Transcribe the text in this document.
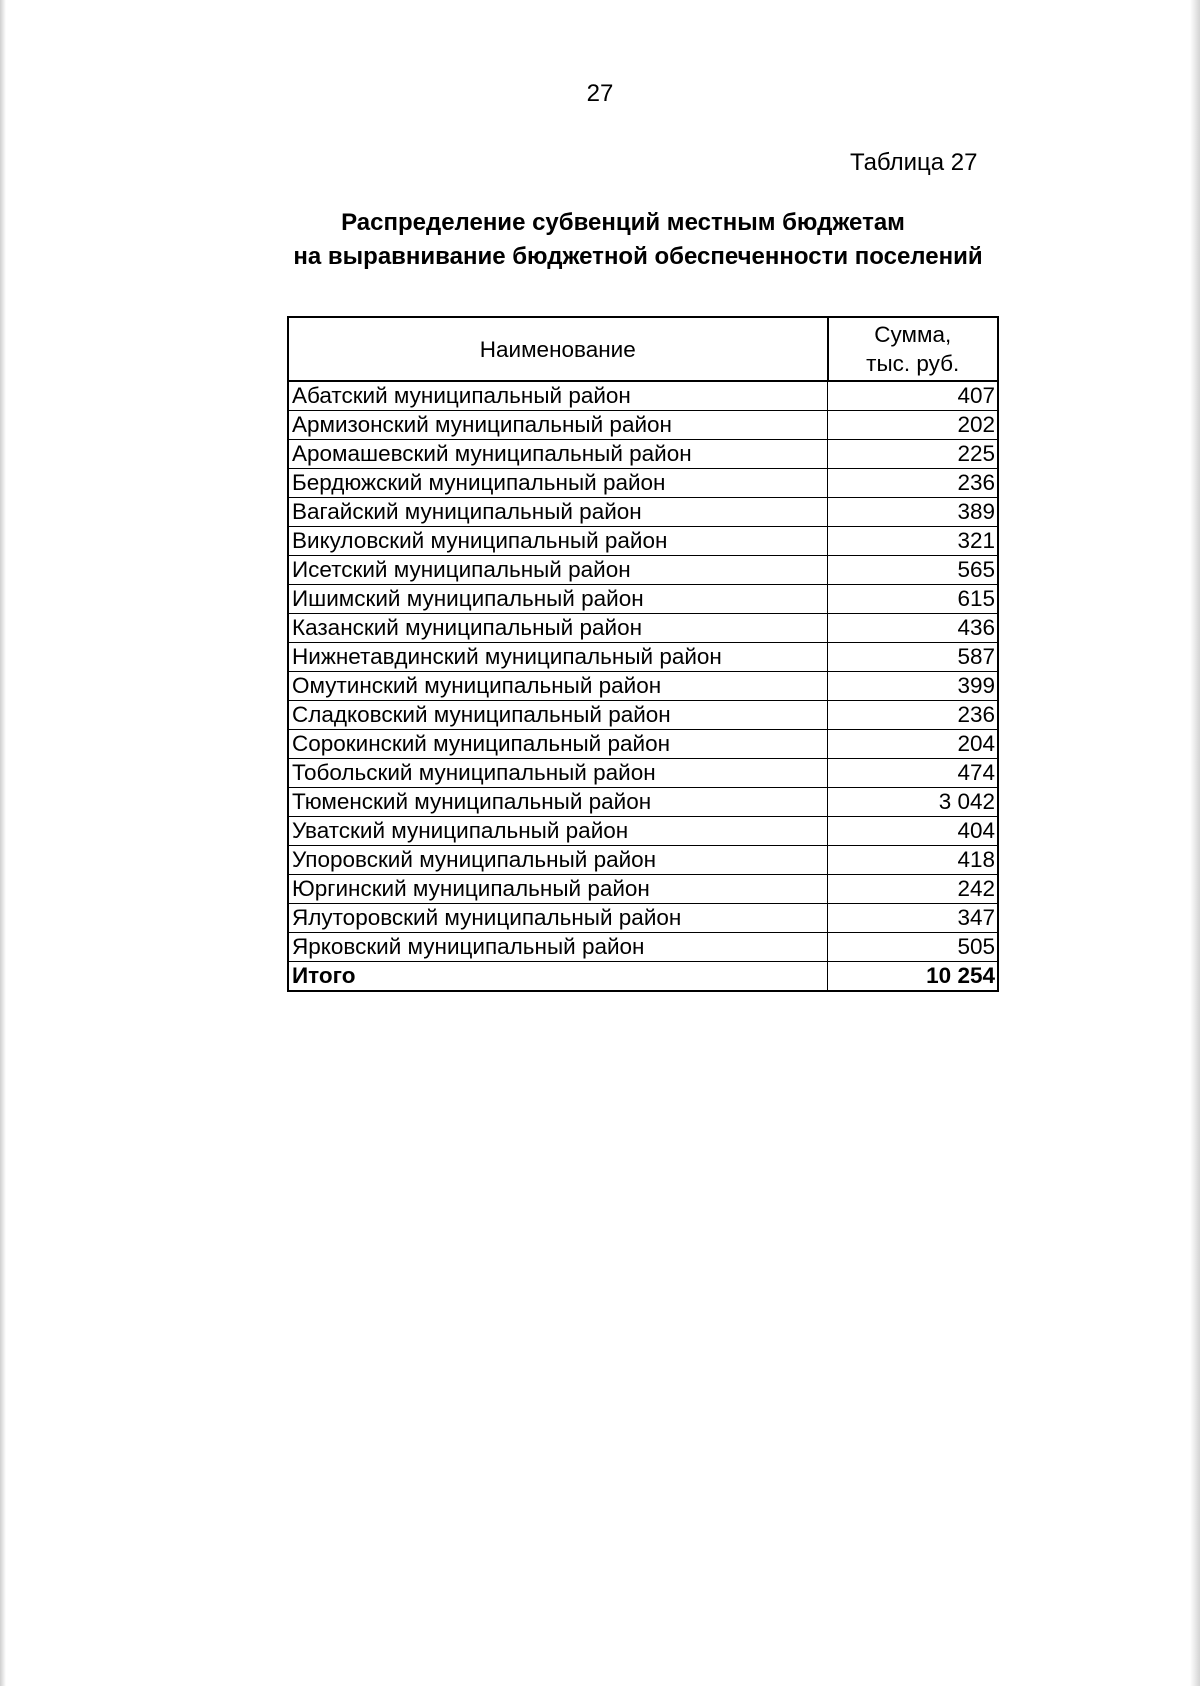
27
Таблица 27
Распределение субвенций местным бюджетам
на выравнивание бюджетной обеспеченности поселений
Наименование	Сумма,
тыс. руб.

Абатский муниципальный район	407
Армизонский муниципальный район	202
Аромашевский муниципальный район	225
Бердюжский муниципальный район	236
Вагайский муниципальный район	389
Викуловский муниципальный район	321
Исетский муниципальный район	565
Ишимский муниципальный район	615
Казанский муниципальный район	436
Нижнетавдинский муниципальный район	587
Омутинский муниципальный район	399
Сладковский муниципальный район	236
Сорокинский муниципальный район	204
Тобольский муниципальный район	474
Тюменский муниципальный район	3 042
Уватский муниципальный район	404
Упоровский муниципальный район	418
Юргинский муниципальный район	242
Ялуторовский муниципальный район	347
Ярковский муниципальный район	505
Итого	10 254
